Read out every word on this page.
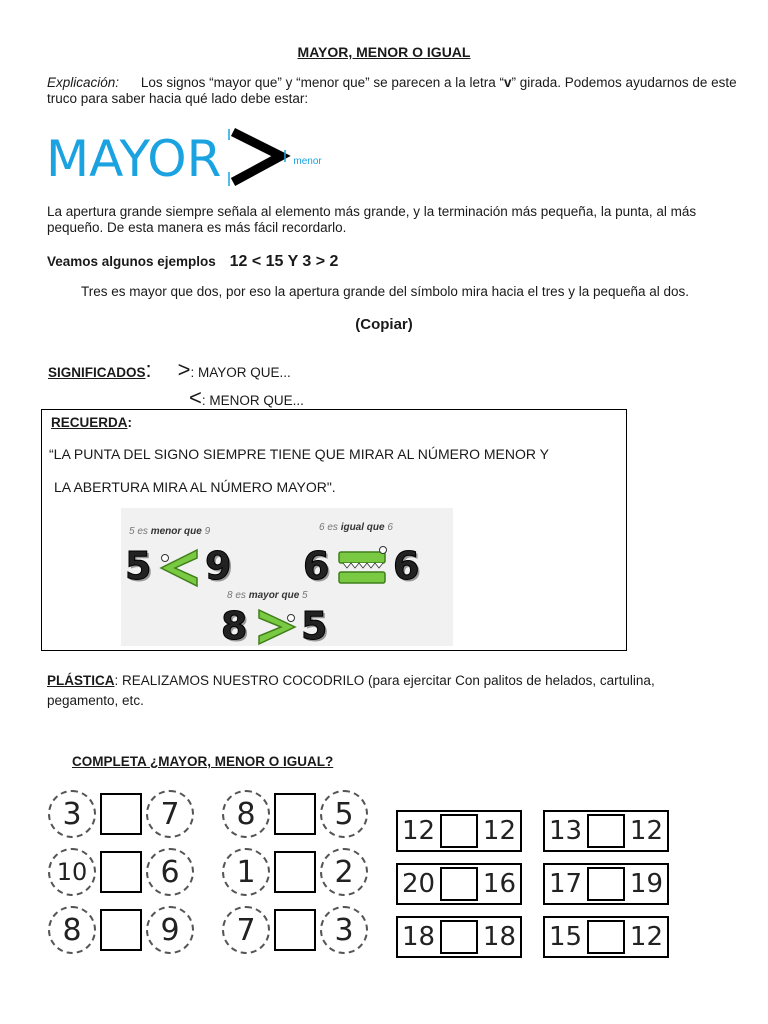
MAYOR, MENOR O IGUAL
Explicación: Los signos “mayor que” y “menor que” se parecen a la letra “v” girada. Podemos ayudarnos de este truco para saber hacia qué lado debe estar:
MAYOR	menor
La apertura grande siempre señala al elemento más grande, y la terminación más pequeña, la punta, al más pequeño. De esta manera es más fácil recordarlo.
Veamos algunos ejemplos 12 < 15 Y 3 > 2
Tres es mayor que dos, por eso la apertura grande del símbolo mira hacia el tres y la pequeña al dos.
(Copiar)
SIGNIFICADOS : > : MAYOR QUE...
< : MENOR QUE...
RECUERDA:
“LA PUNTA DEL SIGNO SIEMPRE TIENE QUE MIRAR AL NÚMERO MENOR Y
LA ABERTURA MIRA AL NÚMERO MAYOR".
5 es menor que 9
5 9
6 es igual que 6
6 6
8 es mayor que 5
8 5
PLÁSTICA: REALIZAMOS NUESTRO COCODRILO (para ejercitar Con palitos de helados, cartulina, pegamento, etc.
COMPLETA ¿MAYOR, MENOR O IGUAL?
3	7
10	6
8	9
8	5
1	2
7	3
12 12
20 16
18 18
13 12
17 19
15 12
